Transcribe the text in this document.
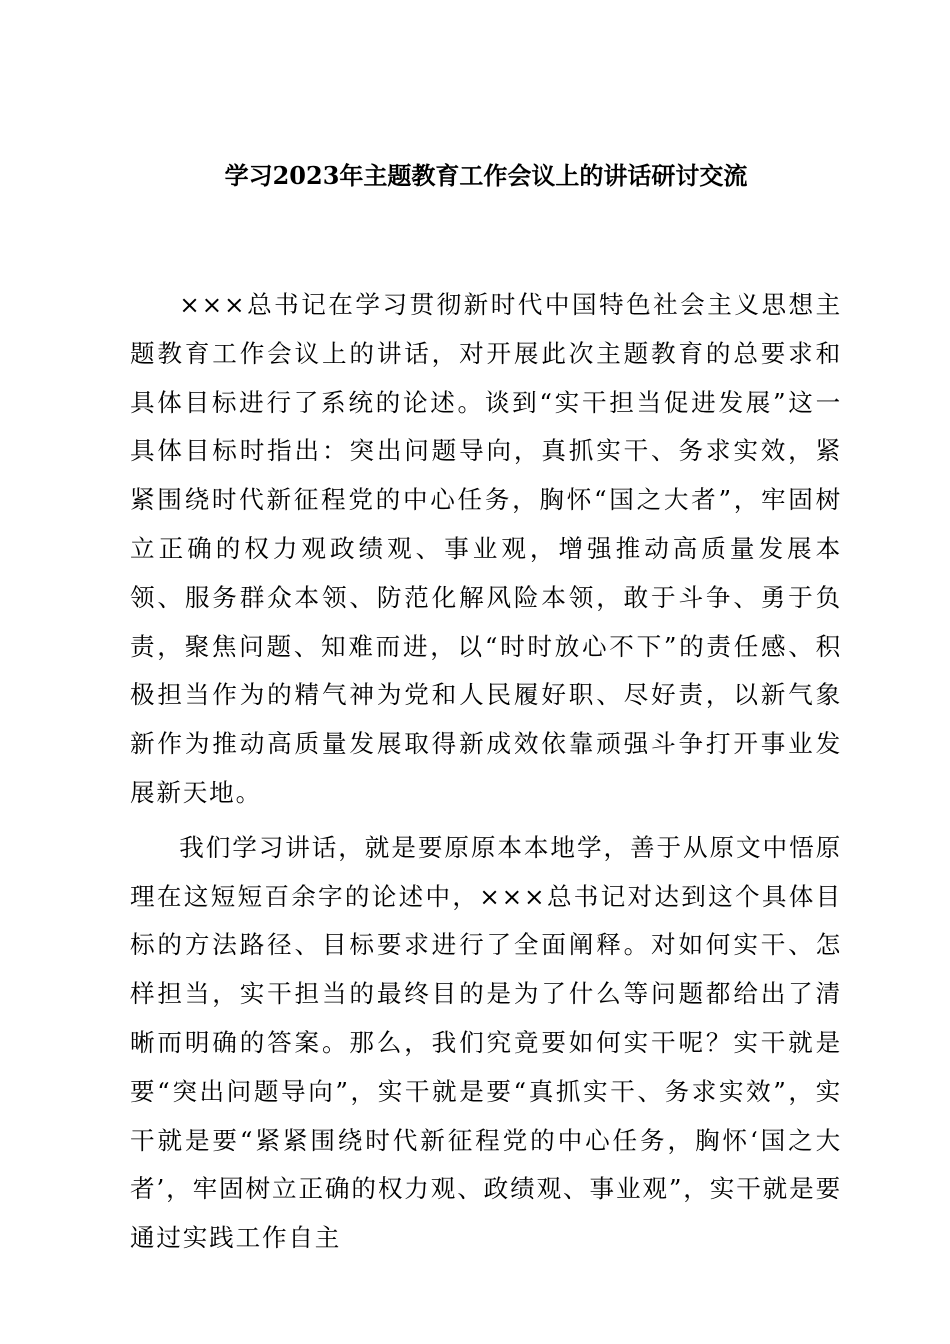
学习2023年主题教育工作会议上的讲话研讨交流

×××总书记在学习贯彻新时代中国特色社会主义思想主题教育工作会议上的讲话，对开展此次主题教育的总要求和具体目标进行了系统的论述。谈到“实干担当促进发展”这一具体目标时指出：突出问题导向，真抓实干、务求实效，紧紧围绕时代新征程党的中心任务，胸怀“国之大者”，牢固树立正确的权力观政绩观、事业观，增强推动高质量发展本领、服务群众本领、防范化解风险本领，敢于斗争、勇于负责，聚焦问题、知难而进，以“时时放心不下”的责任感、积极担当作为的精气神为党和人民履好职、尽好责，以新气象新作为推动高质量发展取得新成效依靠顽强斗争打开事业发展新天地。

我们学习讲话，就是要原原本本地学，善于从原文中悟原理在这短短百余字的论述中，×××总书记对达到这个具体目标的方法路径、目标要求进行了全面阐释。对如何实干、怎样担当，实干担当的最终目的是为了什么等问题都给出了清晰而明确的答案。那么，我们究竟要如何实干呢？实干就是要“突出问题导向”，实干就是要“真抓实干、务求实效”，实干就是要“紧紧围绕时代新征程党的中心任务，胸怀‘国之大者’，牢固树立正确的权力观、政绩观、事业观”，实干就是要通过实践工作自主
